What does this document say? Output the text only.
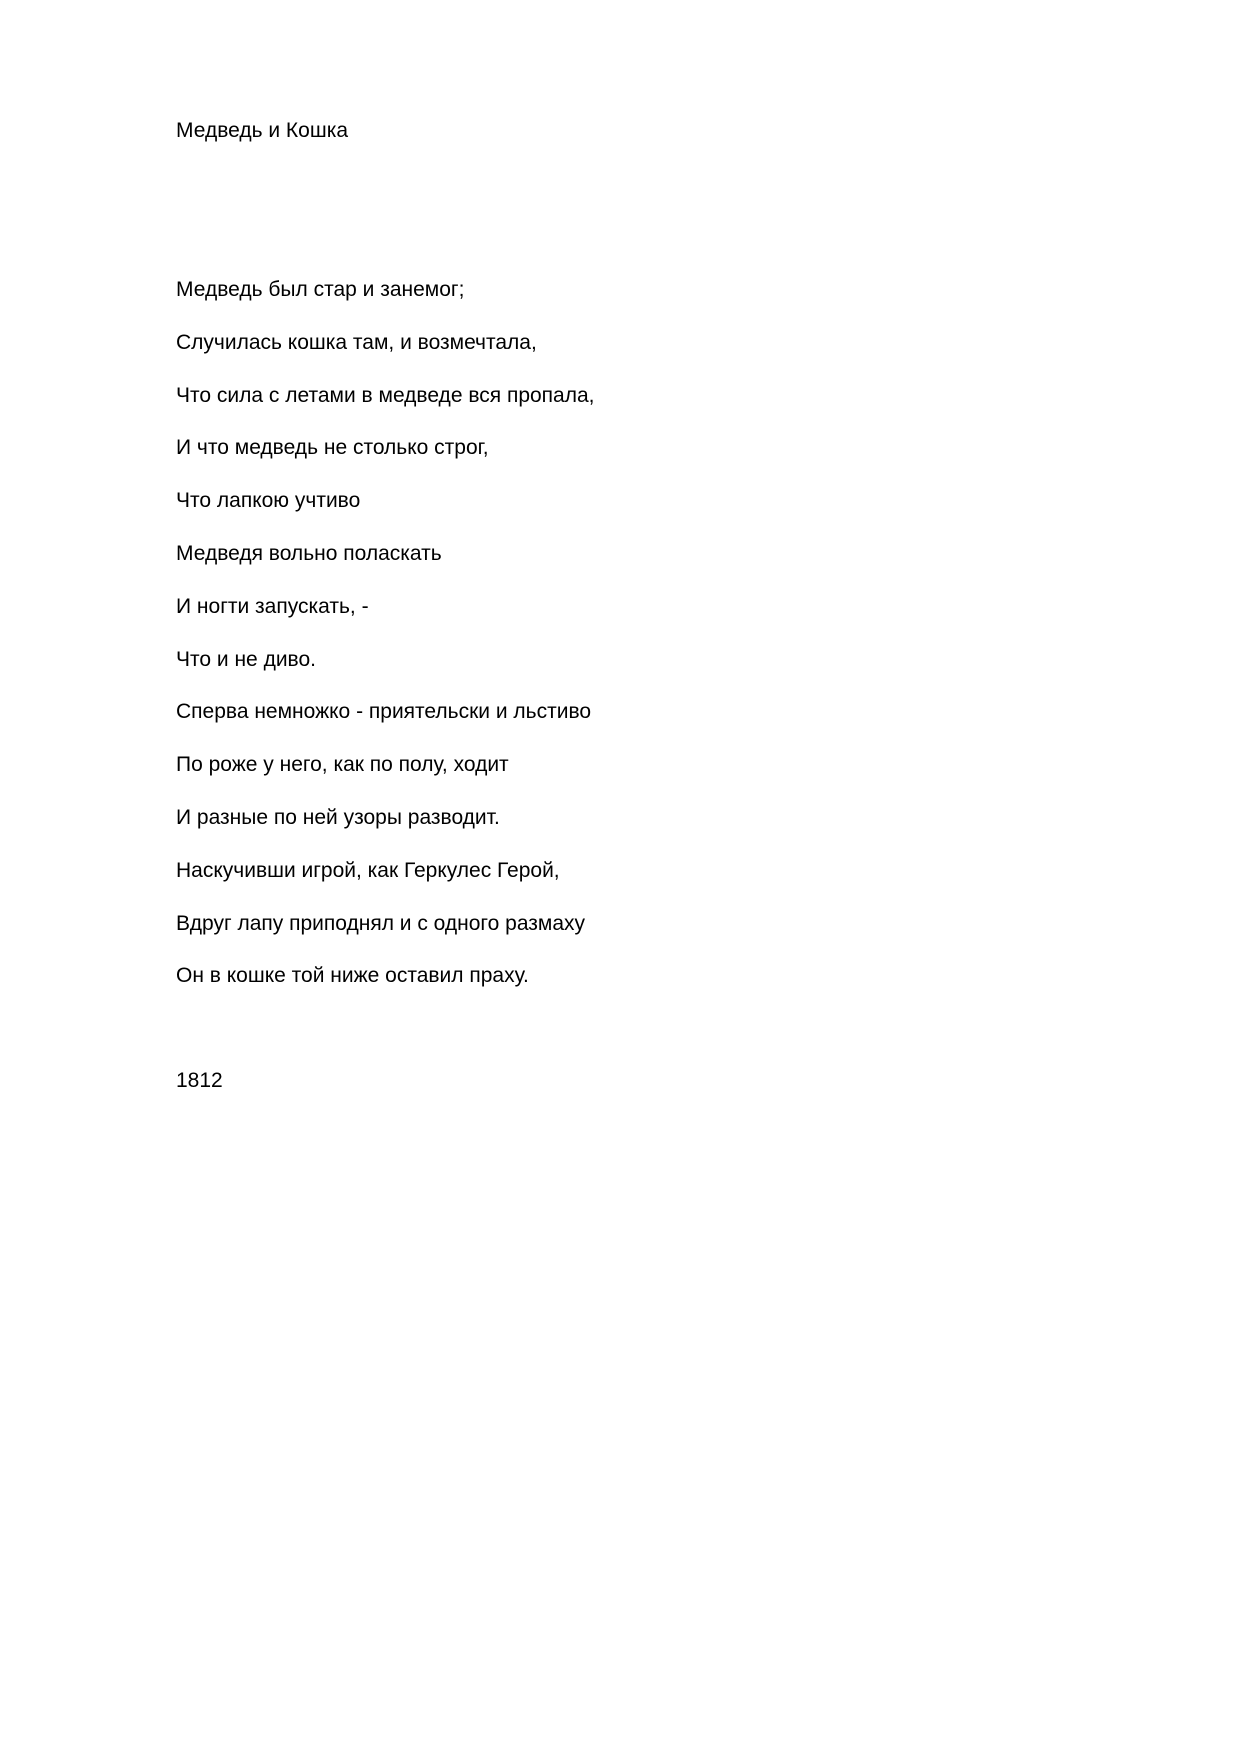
Медведь и Кошка
Медведь был стар и занемог;
Случилась кошка там, и возмечтала,
Что сила с летами в медведе вся пропала,
И что медведь не столько строг,
Что лапкою учтиво
Медведя вольно поласкать
И ногти запускать, -
Что и не диво.
Сперва немножко - приятельски и льстиво
По роже у него, как по полу, ходит
И разные по ней узоры разводит.
Наскучивши игрой, как Геркулес Герой,
Вдруг лапу приподнял и с одного размаху
Он в кошке той ниже оставил праху.
1812
